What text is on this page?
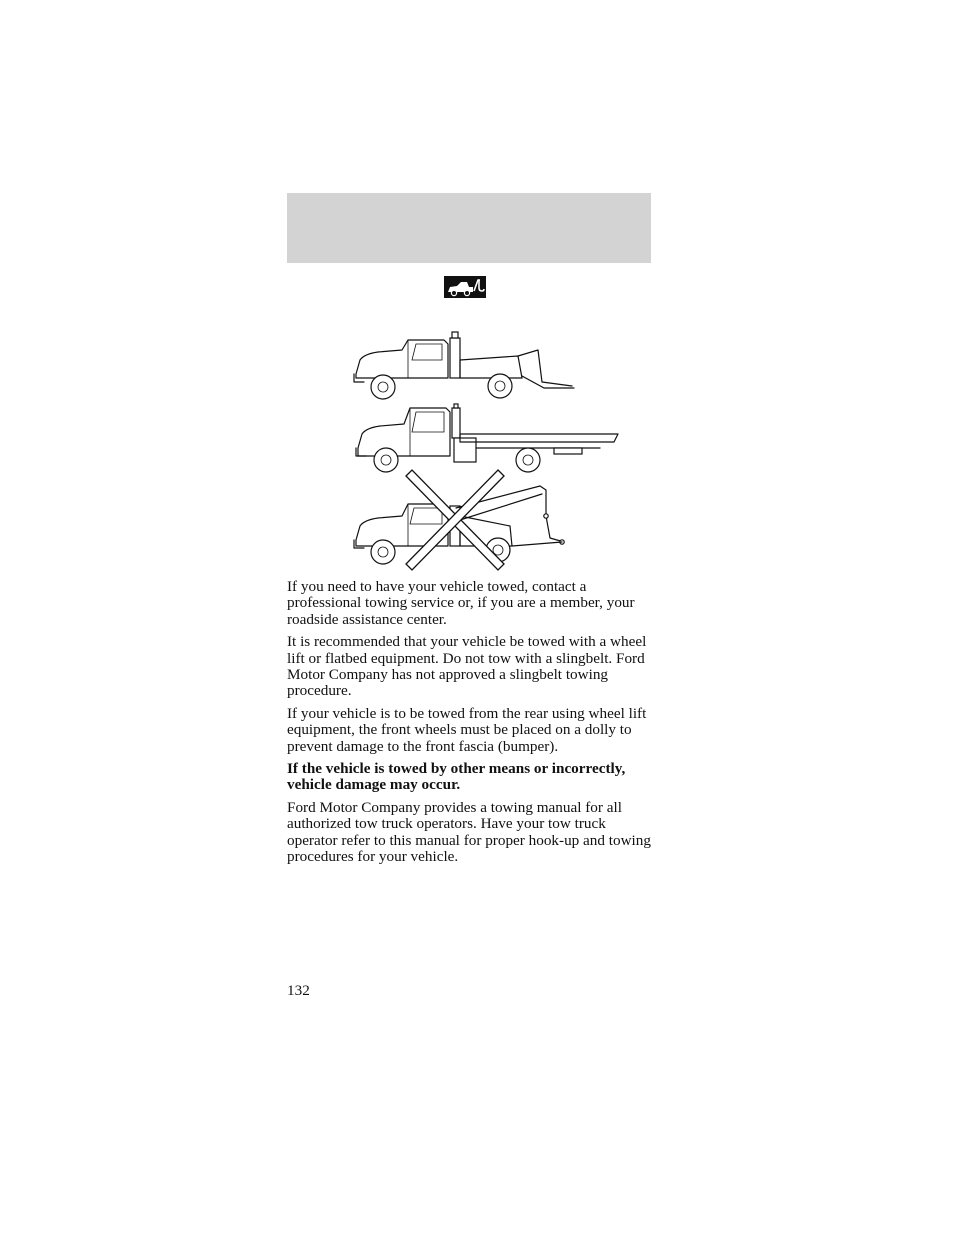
If you need to have your vehicle towed, contact a professional towing service or, if you are a member, your roadside assistance center.

It is recommended that your vehicle be towed with a wheel lift or flatbed equipment. Do not tow with a slingbelt. Ford Motor Company has not approved a slingbelt towing procedure.

If your vehicle is to be towed from the rear using wheel lift equipment, the front wheels must be placed on a dolly to prevent damage to the front fascia (bumper).

If the vehicle is towed by other means or incorrectly, vehicle damage may occur.

Ford Motor Company provides a towing manual for all authorized tow truck operators. Have your tow truck operator refer to this manual for proper hook-up and towing procedures for your vehicle.

132
